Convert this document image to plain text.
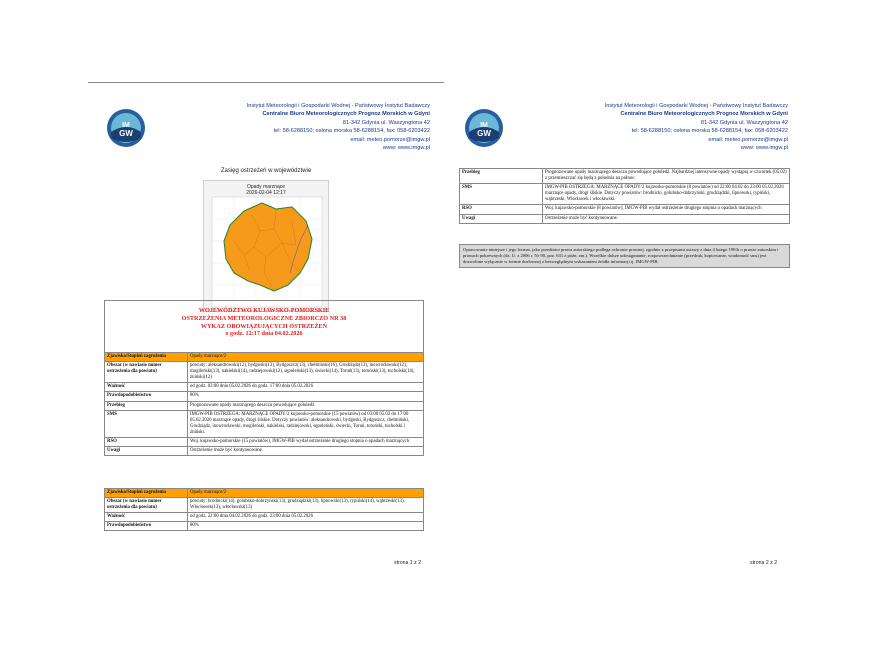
IM
GW
Instytut Meteorologii i Gospodarki Wodnej - Państwowy Instytut Badawczy
Centralne Biuro Meteorologicznych Prognoz Morskich w Gdyni
81-342 Gdynia ul. Waszyngtona 42
tel: 58-6288150; osłona morska 58-6288154, fax: 058-6203422
email: meteo.pomorze@imgw.pl
www: www.imgw.pl
Zasięg ostrzeżeń w województwie
Opady marznące
2026-02-04 12:17
WOJEWÓDZTWO KUJAWSKO-POMORSKIE
OSTRZEŻENIA METEOROLOGICZNE ZBIORCZO NR 38
WYKAZ OBOWIĄZUJĄCYCH OSTRZEŻEŃ
o godz. 12:17 dnia 04.02.2026
Zjawisko/Stopień zagrożenia	Opady marznące/2
Obszar (w nawiasie numer ostrzeżenia dla powiatu)	powiaty: aleksandrowski(12), bydgoski(13), Bydgoszcz(13), chełmiński(16), Grudziądz(13), inowrocławski(12), mogileński(13), nakielski(14), radziejowski(12), sępoleński(13), świecki(14), Toruń(13), toruński(13), tucholski(14), żniński(12)
Ważność	od godz. 03:00 dnia 05.02.2026 do godz. 17:00 dnia 05.02.2026
Prawdopodobieństwo	80%
Przebieg	Prognozowane opady marznącego deszczu powodujące gołoledź.
SMS	IMGW-PIB OSTRZEGA: MARZNĄCE OPADY/2 kujawsko-pomorskie (15 powiatów) od 03:00 05.02 do 17:00 05.02.2026 marznące opady, drogi śliskie. Dotyczy powiatów: aleksandrowski, bydgoski, Bydgoszcz, chełmiński, Grudziądz, inowrocławski, mogileński, nakielski, radziejowski, sępoleński, świecki, Toruń, toruński, tucholski i żniński.
RSO	Woj. kujawsko-pomorskie (15 powiatów), IMGW-PIB wydał ostrzeżenie drugiego stopnia o opadach marznących
Uwagi	Ostrzeżenie może być kontynuowane.
Zjawisko/Stopień zagrożenia	Opady marznące/2
Obszar (w nawiasie numer ostrzeżenia dla powiatu)	powiaty: brodnicki(14), golubsko-dobrzyński(13), grudziądzki(13), lipnowski(13), rypiński(14), wąbrzeski(13), Włocławek(13), włocławski(13)
Ważność	od godz. 22:00 dnia 04.02.2026 do godz. 23:00 dnia 05.02.2026
Prawdopodobieństwo	80%
strona 1 z 2
IM
GW
Instytut Meteorologii i Gospodarki Wodnej - Państwowy Instytut Badawczy
Centralne Biuro Meteorologicznych Prognoz Morskich w Gdyni
81-342 Gdynia ul. Waszyngtona 42
tel: 58-6288150; osłona morska 58-6288154, fax: 058-6203422
email: meteo.pomorze@imgw.pl
www: www.imgw.pl
Przebieg	Prognozowane opady marznącego deszczu powodujące gołoledź. Najbardziej intensywne opady wystąpią w czwartek (05.02) z przemieszczać się będą z południa na północ.
SMS	IMGW-PIB OSTRZEGA: MARZNĄCE OPADY/2 kujawsko-pomorskie (8 powiatów) od 22:00 04.02 do 23:00 05.02.2026 marznące opady, drogi śliskie. Dotyczy powiatów: brodnicki, golubsko-dobrzyński, grudziądzki, lipnowski, rypiński, wąbrzeski, Włocławek i włocławski.
RSO	Woj. kujawsko-pomorskie (8 powiatów), IMGW-PIB wydał ostrzeżenie drugiego stopnia o opadach marznących
Uwagi	Ostrzeżenie może być kontynuowane.
Opracowanie niniejsze i jego format, jako przedmiot prawa autorskiego podlega ochronie prawnej, zgodnie z przepisami ustawy z dnia 4 lutego 1994r o prawie autorskim i prawach pokrewnych (dz. U. z 2006 r. Nr 90, poz. 631 z późn. zm.). Wszelkie dalsze udostępnianie, rozpowszechnianie (przedruk, kopiowanie, wiadomość sms) jest dozwolone wyłącznie w formie dosłownej z bezwzględnym wskazaniem źródła informacji tj. IMGW-PIB.
strona 2 z 2
